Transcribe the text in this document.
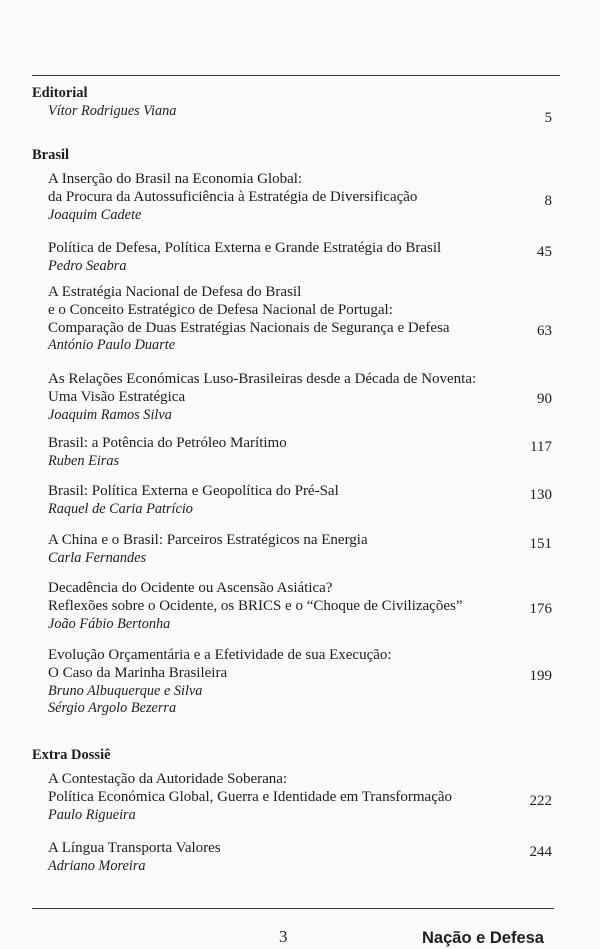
Editorial
Vítor Rodrigues Viana	5
Brasil
A Inserção do Brasil na Economia Global:
da Procura da Autossuficiência à Estratégia de Diversificação
Joaquim Cadete
8
Política de Defesa, Política Externa e Grande Estratégia do Brasil
Pedro Seabra
45
A Estratégia Nacional de Defesa do Brasil
e o Conceito Estratégico de Defesa Nacional de Portugal:
Comparação de Duas Estratégias Nacionais de Segurança e Defesa
António Paulo Duarte
63
As Relações Económicas Luso-Brasileiras desde a Década de Noventa:
Uma Visão Estratégica
Joaquim Ramos Silva
90
Brasil: a Potência do Petróleo Marítimo
Ruben Eiras
117
Brasil: Política Externa e Geopolítica do Pré-Sal
Raquel de Caria Patrício
130
A China e o Brasil: Parceiros Estratégicos na Energia
Carla Fernandes
151
Decadência do Ocidente ou Ascensão Asiática?
Reflexões sobre o Ocidente, os BRICS e o “Choque de Civilizações”
João Fábio Bertonha
176
Evolução Orçamentária e a Efetividade de sua Execução:
O Caso da Marinha Brasileira
Bruno Albuquerque e Silva
Sérgio Argolo Bezerra
199
Extra Dossiê
A Contestação da Autoridade Soberana:
Política Económica Global, Guerra e Identidade em Transformação
Paulo Rigueira
222
A Língua Transporta Valores
Adriano Moreira
244
3	Nação e Defesa
